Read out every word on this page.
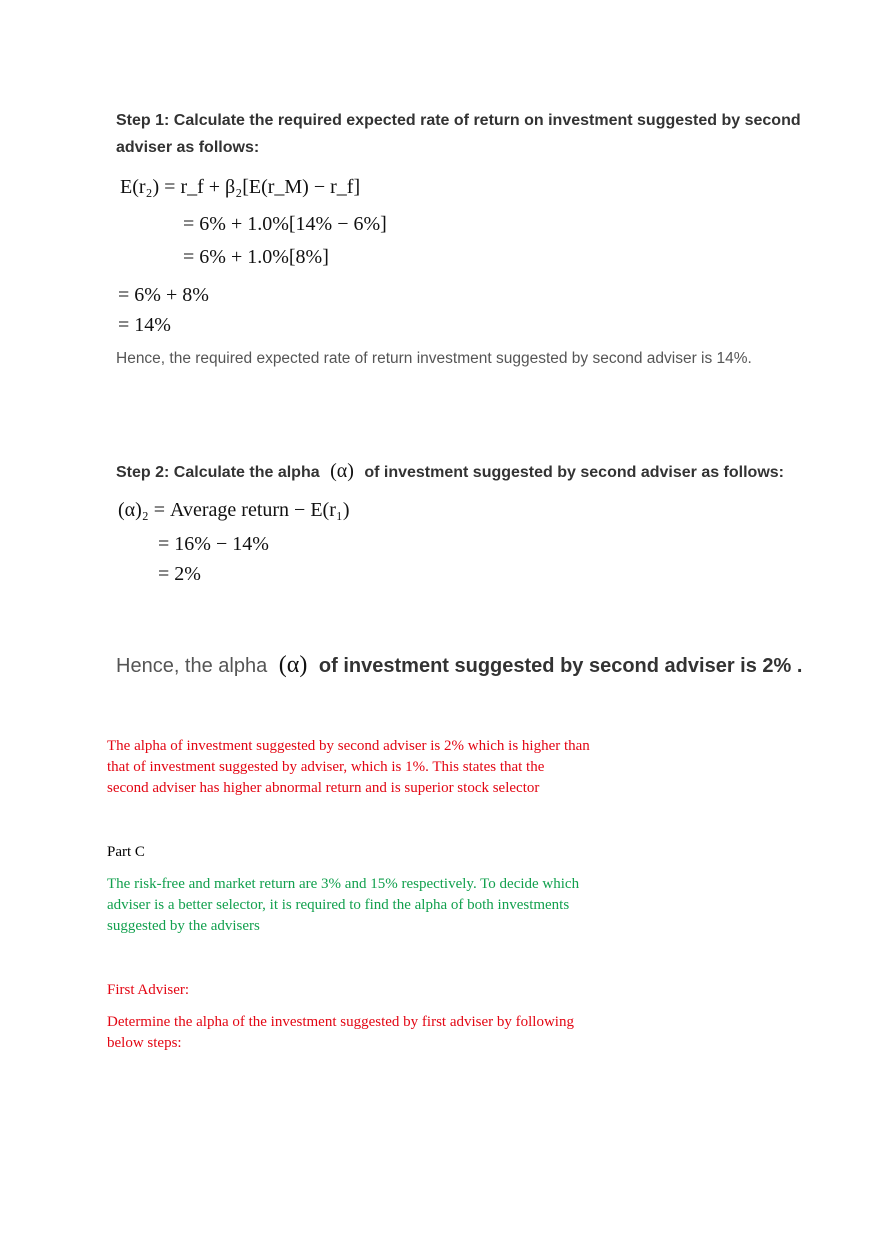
Step 1: Calculate the required expected rate of return on investment suggested by second
adviser as follows:
E(r₂) = r_f + β₂[E(r_M) − r_f]
= 6% + 1.0%[14% − 6%]
= 6% + 1.0%[8%]
= 6% + 8%
= 14%
Hence, the required expected rate of return investment suggested by second adviser is 14%.
Step 2: Calculate the alpha (α) of investment suggested by second adviser as follows:
(α)₂ = Average return − E(r₁)
= 16% − 14%
= 2%
Hence, the alpha (α) of investment suggested by second adviser is 2% .
The alpha of investment suggested by second adviser is 2% which is higher than
that of investment suggested by adviser, which is 1%. This states that the
second adviser has higher abnormal return and is superior stock selector
Part C
The risk-free and market return are 3% and 15% respectively. To decide which
adviser is a better selector, it is required to find the alpha of both investments
suggested by the advisers
First Adviser:
Determine the alpha of the investment suggested by first adviser by following
below steps:
